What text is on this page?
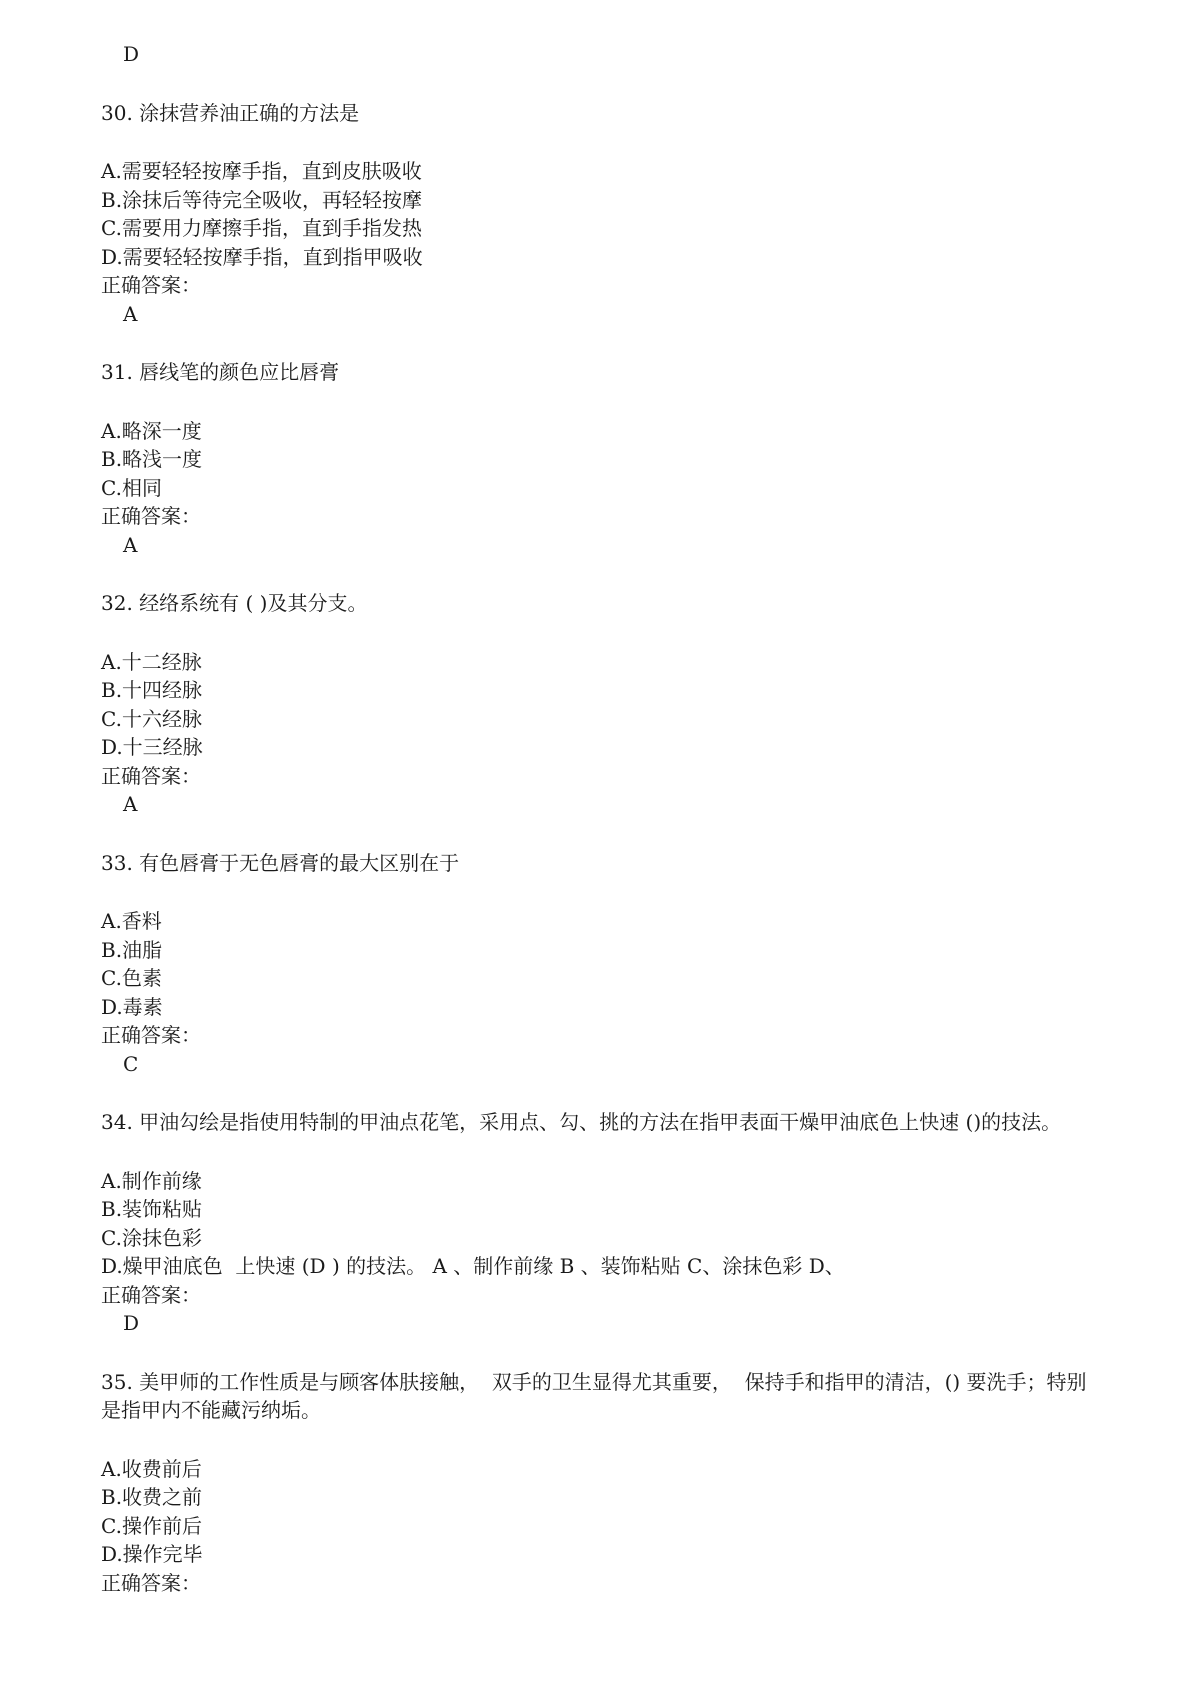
D
30. 涂抹营养油正确的方法是
A.需要轻轻按摩手指，直到皮肤吸收
B.涂抹后等待完全吸收，再轻轻按摩
C.需要用力摩擦手指，直到手指发热
D.需要轻轻按摩手指，直到指甲吸收
正确答案：
A
31. 唇线笔的颜色应比唇膏
A.略深一度
B.略浅一度
C.相同
正确答案：
A
32. 经络系统有 ( )及其分支。
A.十二经脉
B.十四经脉
C.十六经脉
D.十三经脉
正确答案：
A
33. 有色唇膏于无色唇膏的最大区别在于
A.香料
B.油脂
C.色素
D.毒素
正确答案：
C
34. 甲油勾绘是指使用特制的甲油点花笔，采用点、勾、挑的方法在指甲表面干燥甲油底色上快速 ()的技法。
A.制作前缘
B.装饰粘贴
C.涂抹色彩
D.燥甲油底色  上快速 (D ) 的技法。 A 、制作前缘 B 、装饰粘贴 C、涂抹色彩 D、
正确答案：
D
35. 美甲师的工作性质是与顾客体肤接触，  双手的卫生显得尤其重要，  保持手和指甲的清洁，() 要洗手；特别是指甲内不能藏污纳垢。
A.收费前后
B.收费之前
C.操作前后
D.操作完毕
正确答案：
